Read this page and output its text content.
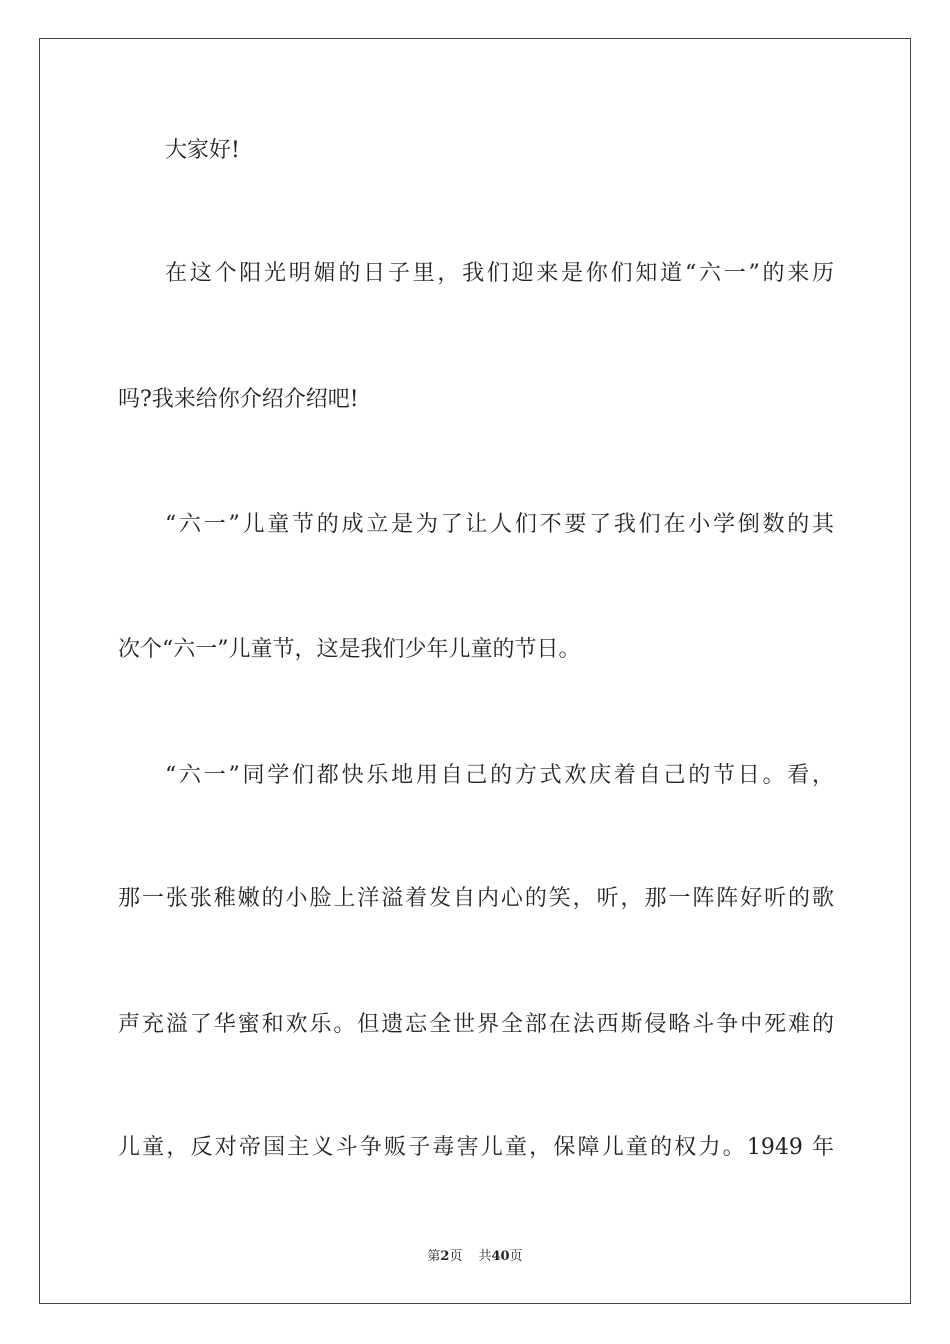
大家好!
在这个阳光明媚的日子里，我们迎来是你们知道“六一”的来历
吗?我来给你介绍介绍吧!
“六一”儿童节的成立是为了让人们不要了我们在小学倒数的其
次个“六一”儿童节，这是我们少年儿童的节日。
“六一”同学们都快乐地用自己的方式欢庆着自己的节日。看，
那一张张稚嫩的小脸上洋溢着发自内心的笑，听，那一阵阵好听的歌
声充溢了华蜜和欢乐。但遗忘全世界全部在法西斯侵略斗争中死难的
儿童，反对帝国主义斗争贩子毒害儿童，保障儿童的权力。1949 年
第2页 共40页
